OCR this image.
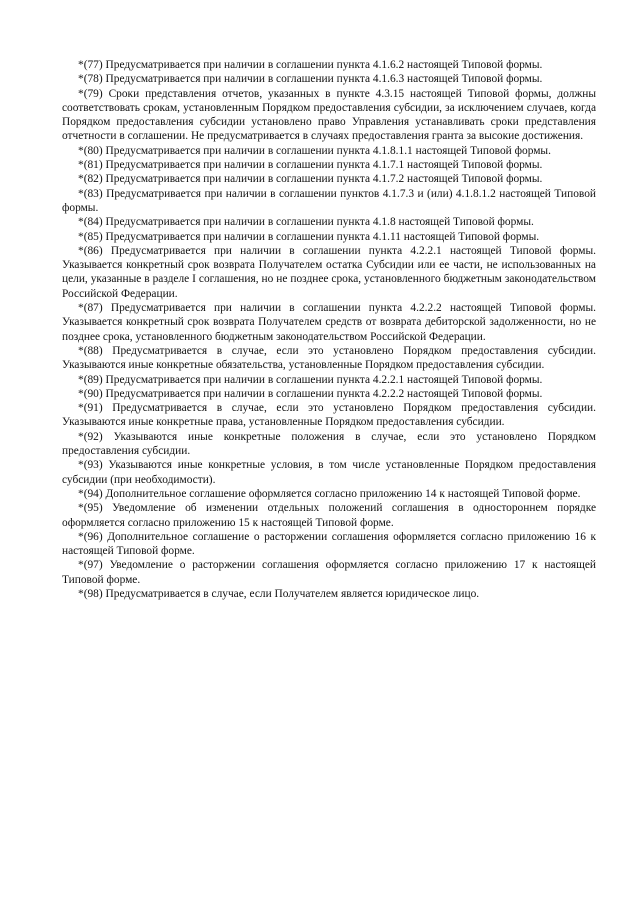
*(77) Предусматривается при наличии в соглашении пункта 4.1.6.2 настоящей Типовой формы.

*(78) Предусматривается при наличии в соглашении пункта 4.1.6.3 настоящей Типовой формы.

*(79) Сроки представления отчетов, указанных в пункте 4.3.15 настоящей Типовой формы, должны соответствовать срокам, установленным Порядком предоставления субсидии, за исключением случаев, когда Порядком предоставления субсидии установлено право Управления устанавливать сроки представления отчетности в соглашении. Не предусматривается в случаях предоставления гранта за высокие достижения.

*(80) Предусматривается при наличии в соглашении пункта 4.1.8.1.1 настоящей Типовой формы.

*(81) Предусматривается при наличии в соглашении пункта 4.1.7.1 настоящей Типовой формы.

*(82) Предусматривается при наличии в соглашении пункта 4.1.7.2 настоящей Типовой формы.

*(83) Предусматривается при наличии в соглашении пунктов 4.1.7.3 и (или) 4.1.8.1.2 настоящей Типовой формы.

*(84) Предусматривается при наличии в соглашении пункта 4.1.8 настоящей Типовой формы.

*(85) Предусматривается при наличии в соглашении пункта 4.1.11 настоящей Типовой формы.

*(86) Предусматривается при наличии в соглашении пункта 4.2.2.1 настоящей Типовой формы. Указывается конкретный срок возврата Получателем остатка Субсидии или ее части, не использованных на цели, указанные в разделе I соглашения, но не позднее срока, установленного бюджетным законодательством Российской Федерации.

*(87) Предусматривается при наличии в соглашении пункта 4.2.2.2 настоящей Типовой формы. Указывается конкретный срок возврата Получателем средств от возврата дебиторской задолженности, но не позднее срока, установленного бюджетным законодательством Российской Федерации.

*(88) Предусматривается в случае, если это установлено Порядком предоставления субсидии. Указываются иные конкретные обязательства, установленные Порядком предоставления субсидии.

*(89) Предусматривается при наличии в соглашении пункта 4.2.2.1 настоящей Типовой формы.

*(90) Предусматривается при наличии в соглашении пункта 4.2.2.2 настоящей Типовой формы.

*(91) Предусматривается в случае, если это установлено Порядком предоставления субсидии. Указываются иные конкретные права, установленные Порядком предоставления субсидии.

*(92) Указываются иные конкретные положения в случае, если это установлено Порядком предоставления субсидии.

*(93) Указываются иные конкретные условия, в том числе установленные Порядком предоставления субсидии (при необходимости).

*(94) Дополнительное соглашение оформляется согласно приложению 14 к настоящей Типовой форме.

*(95) Уведомление об изменении отдельных положений соглашения в одностороннем порядке оформляется согласно приложению 15 к настоящей Типовой форме.

*(96) Дополнительное соглашение о расторжении соглашения оформляется согласно приложению 16 к настоящей Типовой форме.

*(97) Уведомление о расторжении соглашения оформляется согласно приложению 17 к настоящей Типовой форме.

*(98) Предусматривается в случае, если Получателем является юридическое лицо.
